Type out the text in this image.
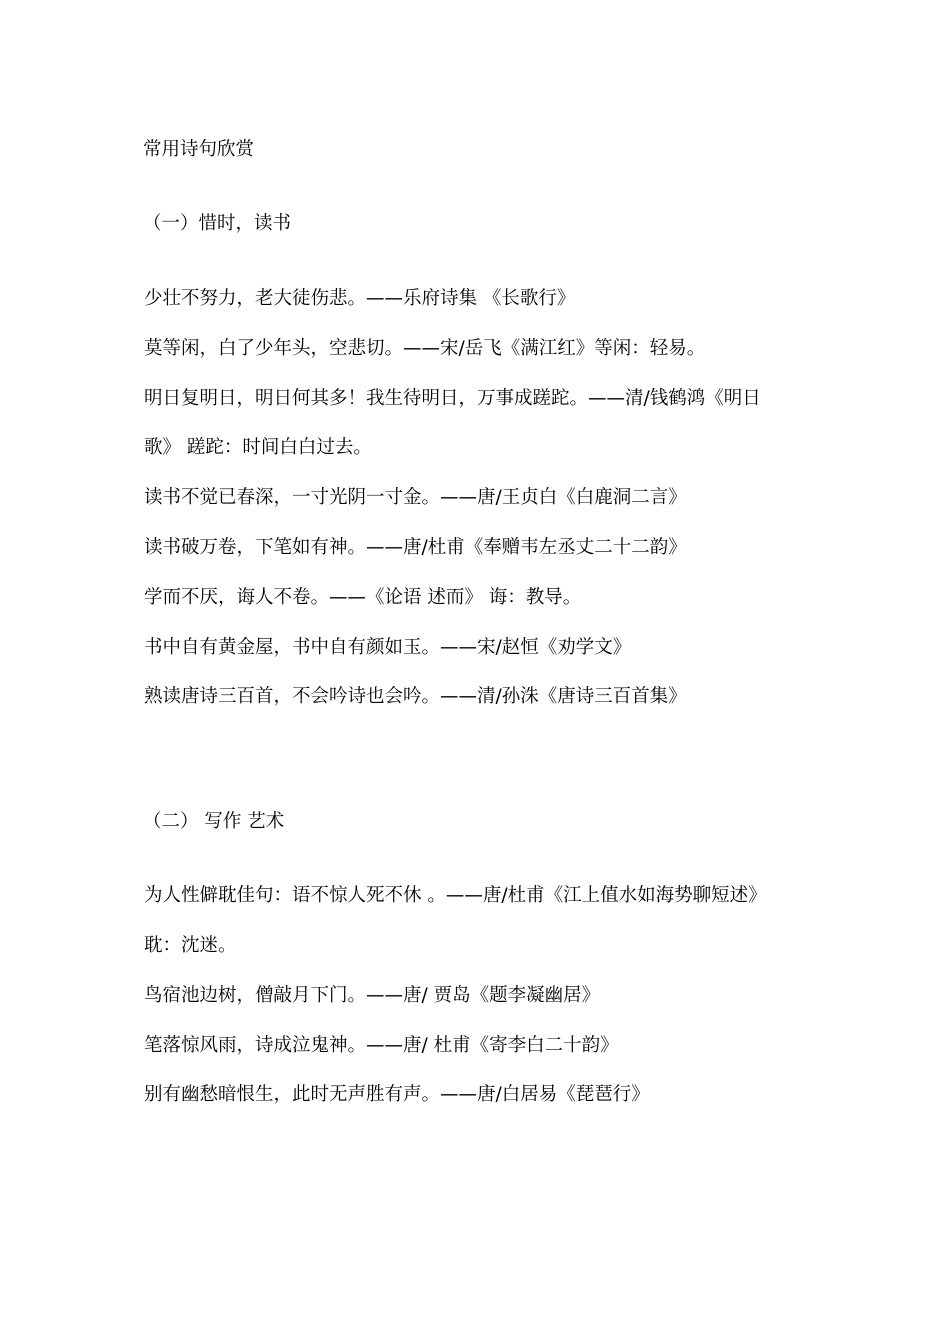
常用诗句欣赏
（一）惜时，读书
少壮不努力，老大徒伤悲。——乐府诗集 《长歌行》
莫等闲，白了少年头，空悲切。——宋/岳飞《满江红》等闲：轻易。
明日复明日，明日何其多！我生待明日，万事成蹉跎。——清/钱鹤鸿《明日
歌》 蹉跎：时间白白过去。
读书不觉已春深，一寸光阴一寸金。——唐/王贞白《白鹿洞二言》
读书破万卷，下笔如有神。——唐/杜甫《奉赠韦左丞丈二十二韵》
学而不厌，诲人不卷。——《论语 述而》 诲：教导。
书中自有黄金屋，书中自有颜如玉。——宋/赵恒《劝学文》
熟读唐诗三百首，不会吟诗也会吟。——清/孙洙《唐诗三百首集》
（二） 写作 艺术
为人性僻耽佳句：语不惊人死不休 。——唐/杜甫《江上值水如海势聊短述》
耽：沈迷。
鸟宿池边树，僧敲月下门。——唐/ 贾岛《题李凝幽居》
笔落惊风雨，诗成泣鬼神。——唐/ 杜甫《寄李白二十韵》
别有幽愁暗恨生，此时无声胜有声。——唐/白居易《琵琶行》
